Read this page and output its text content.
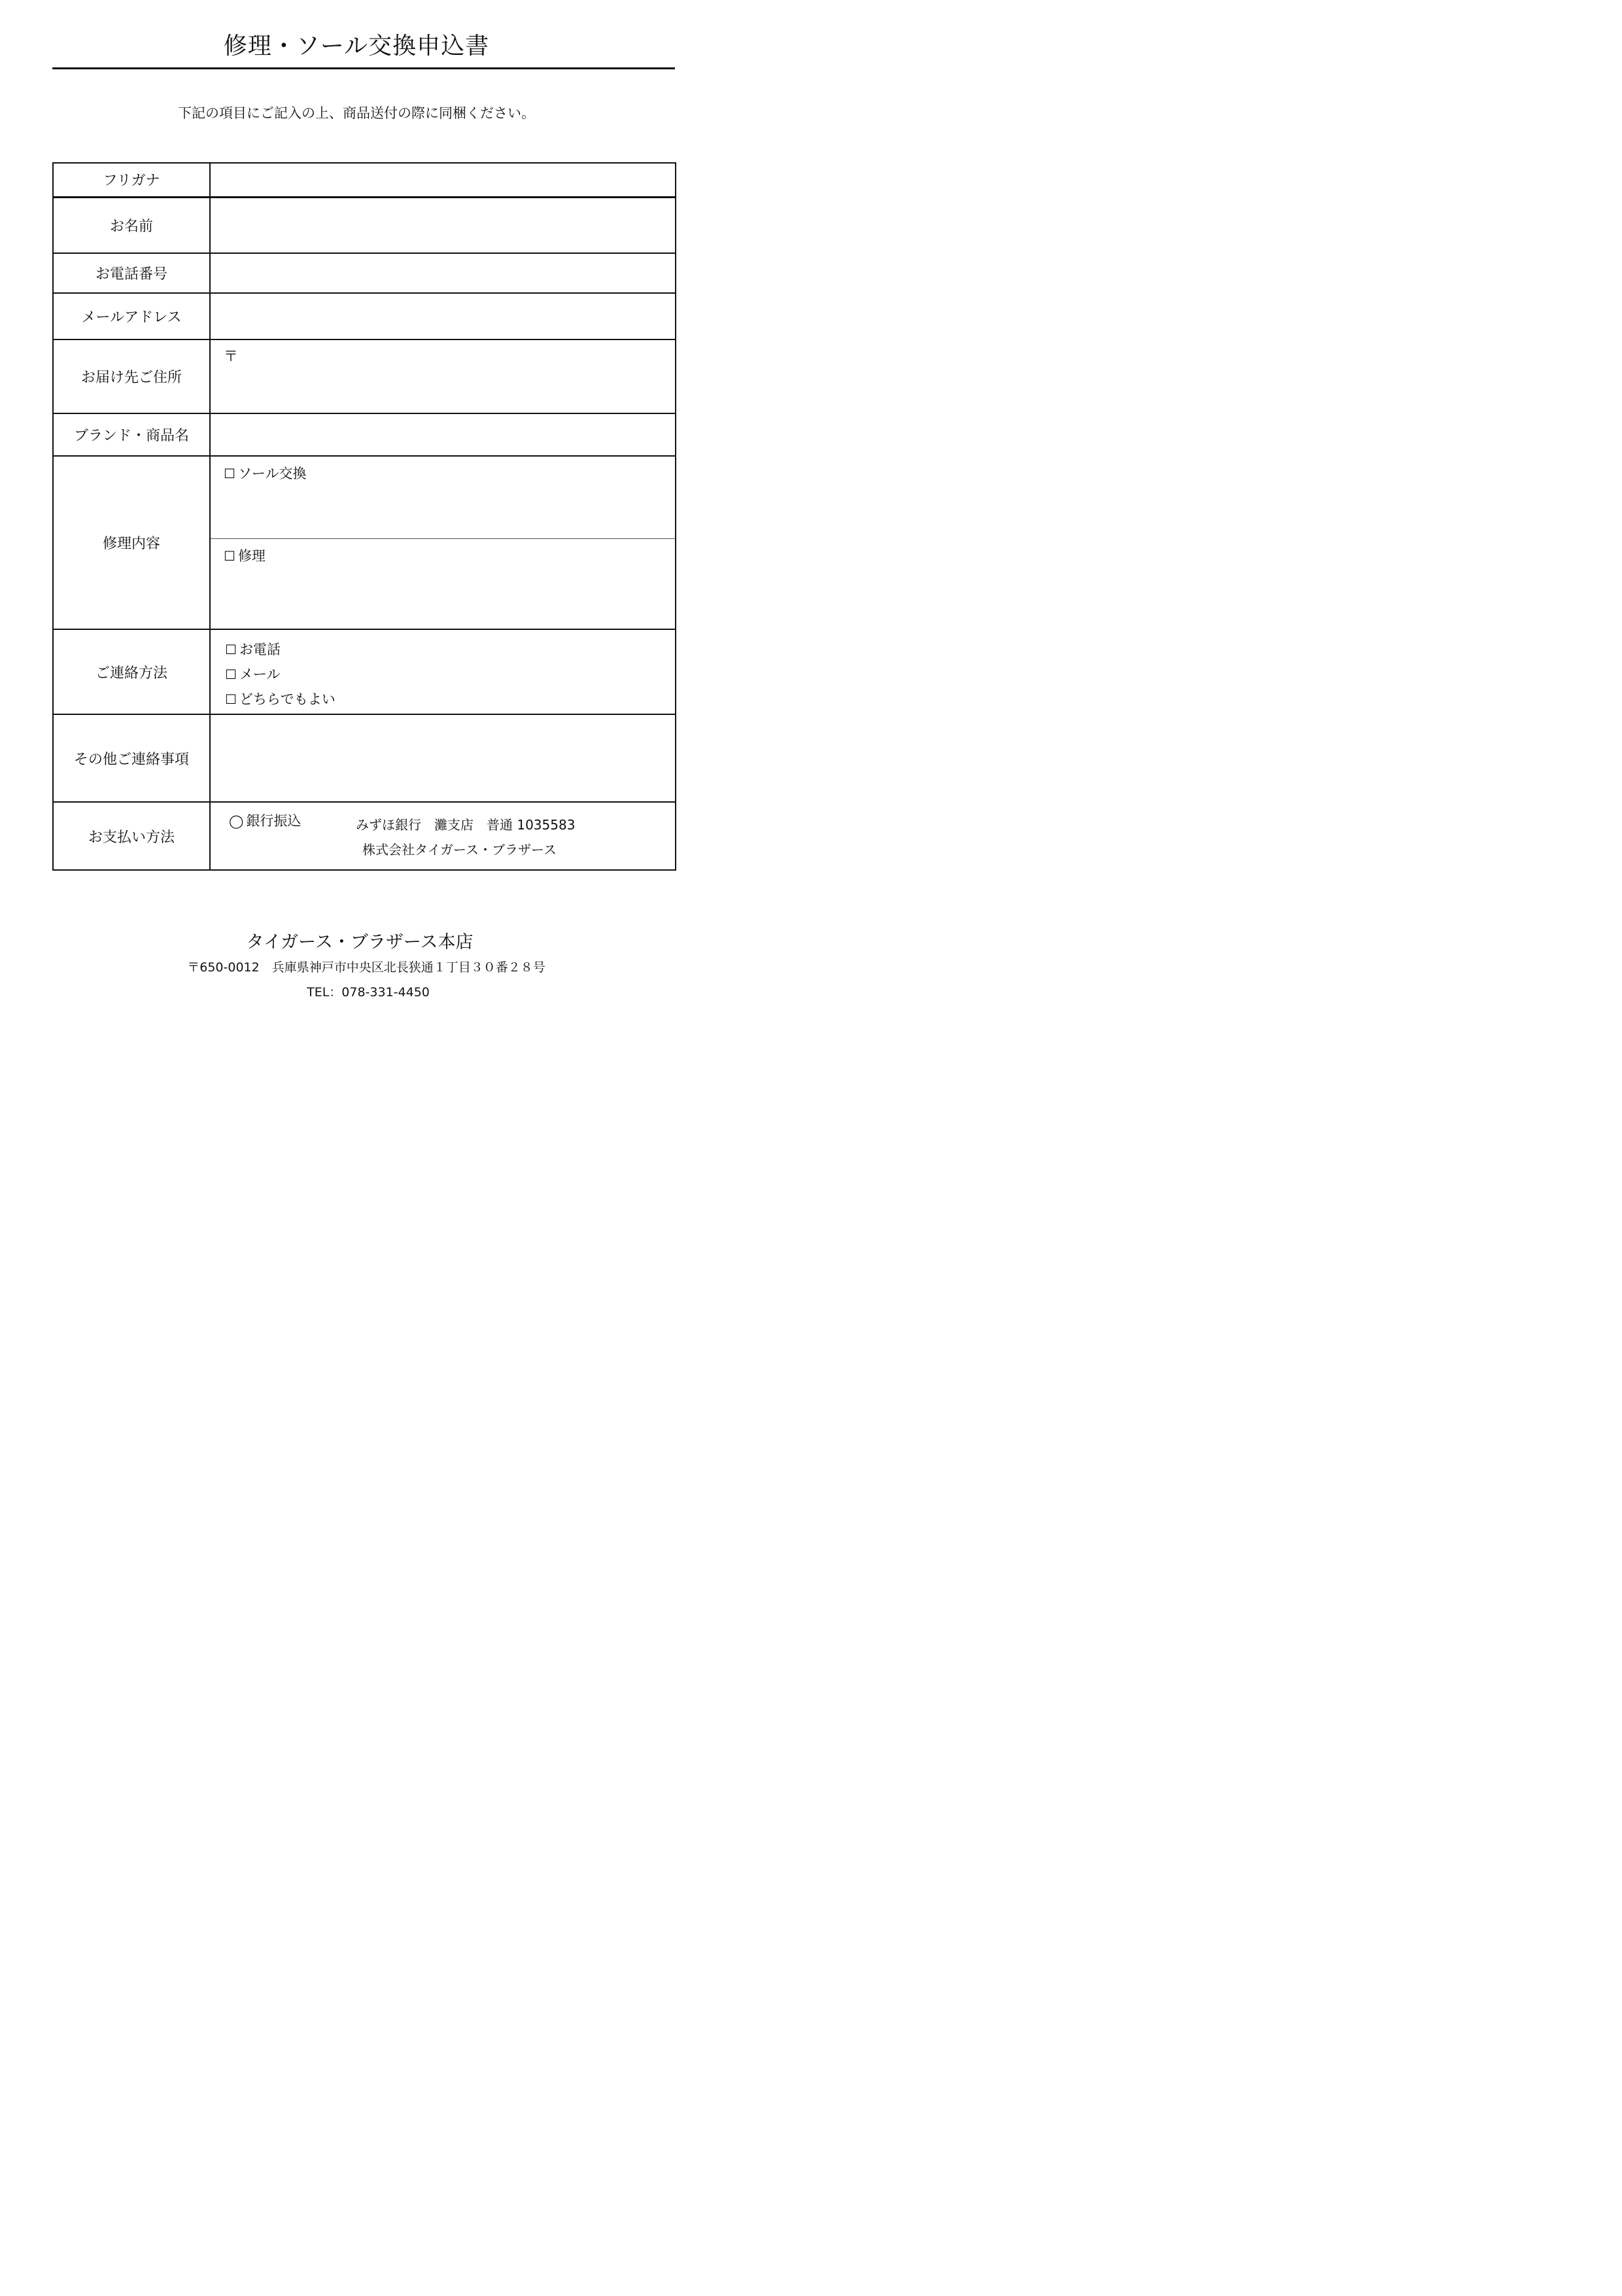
修理・ソール交換申込書
下記の項目にご記入の上、商品送付の際に同梱ください。
フリガナ	
お名前	
お電話番号	
メールアドレス	
お届け先ご住所	〒

ブランド・商品名	
修理内容	☐ ソール交換
☐ 修理

ご連絡方法	☐ お電話
☐ メール
☐ どちらでもよい

その他ご連絡事項	
お支払い方法	◯ 銀行振込 みずほ銀行　灘支店　普通 1035583
株式会社タイガース・ブラザース
タイガース・ブラザース本店
〒650-0012　兵庫県神戸市中央区北長狭通１丁目３０番２８号
TEL：078-331-4450
